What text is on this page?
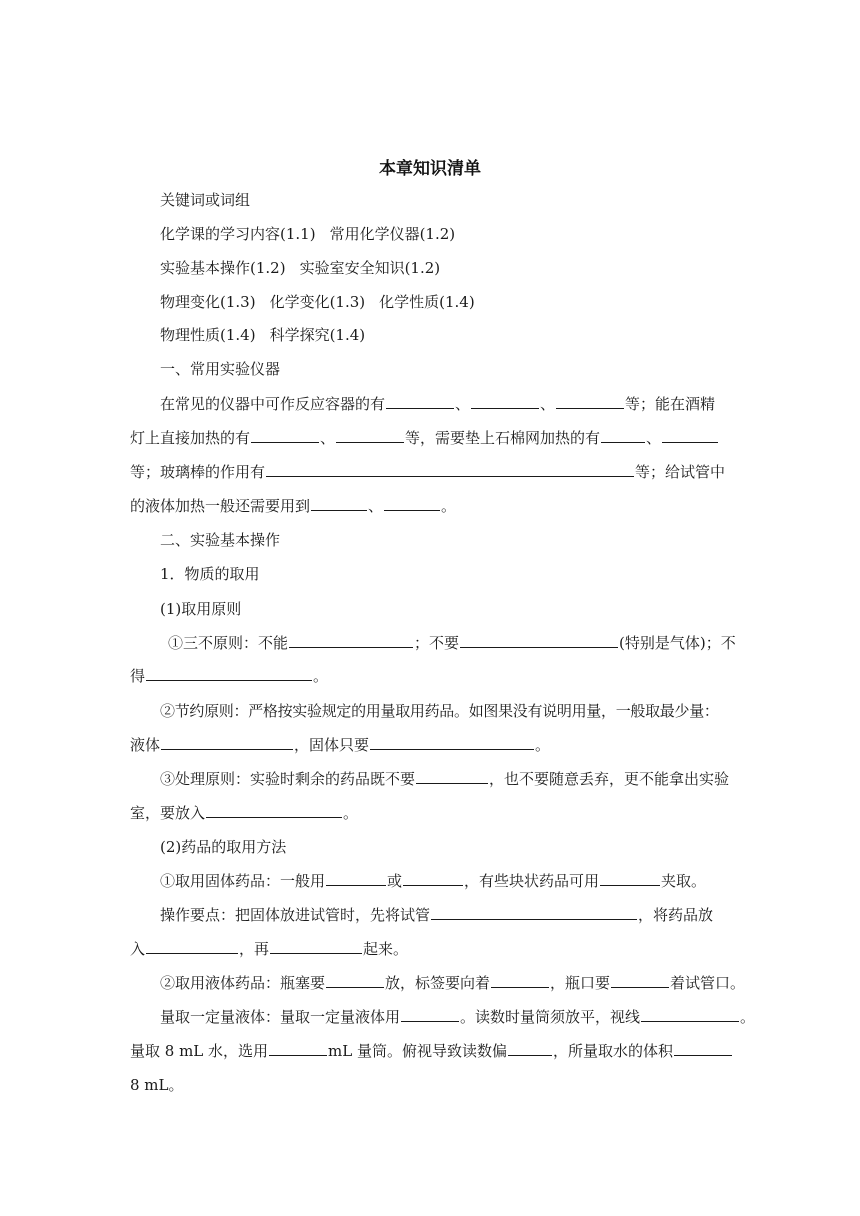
本章知识清单
关键词或词组
化学课的学习内容(1.1) 常用化学仪器(1.2)
实验基本操作(1.2) 实验室安全知识(1.2)
物理变化(1.3) 化学变化(1.3) 化学性质(1.4)
物理性质(1.4) 科学探究(1.4)
一、常用实验仪器
在常见的仪器中可作反应容器的有	、	、	等；能在酒精
灯上直接加热的有	、	等，需要垫上石棉网加热的有	、
等；玻璃棒的作用有	等；给试管中
的液体加热一般还需要用到	、	。
二、实验基本操作
1．物质的取用
(1)取用原则
①三不原则：不能	；不要	(特别是气体)；不
得	。
②节约原则：严格按实验规定的用量取用药品。如图果没有说明用量，一般取最少量：
液体	，固体只要	。
③处理原则：实验时剩余的药品既不要	，也不要随意丢弃，更不能拿出实验
室，要放入	。
(2)药品的取用方法
①取用固体药品：一般用	或	，有些块状药品可用	夹取。
操作要点：把固体放进试管时，先将试管	，将药品放
入	，再	起来。
②取用液体药品：瓶塞要	放，标签要向着	，瓶口要	着试管口。
量取一定量液体：量取一定量液体用	。读数时量筒须放平，视线	。
量取 8 mL 水，选用	mL 量筒。俯视导致读数偏	，所量取水的体积
8 mL。
